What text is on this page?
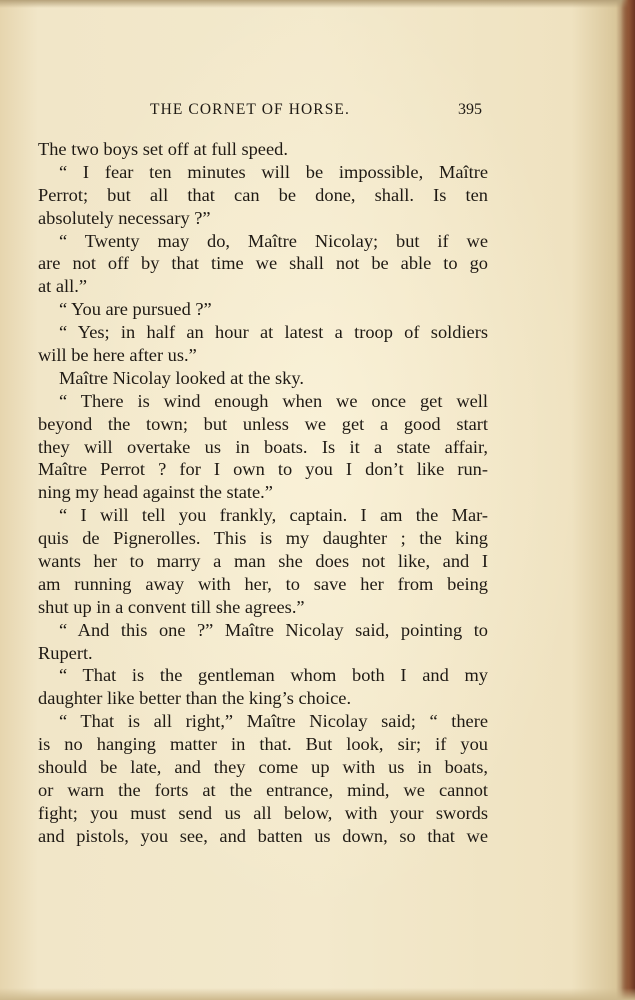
THE CORNET OF HORSE.	395
The two boys set off at full speed.
“ I fear ten minutes will be impossible, Maître
Perrot; but all that can be done, shall. Is ten
absolutely necessary ?”
“ Twenty may do, Maître Nicolay; but if we
are not off by that time we shall not be able to go
at all.”
“ You are pursued ?”
“ Yes; in half an hour at latest a troop of soldiers
will be here after us.”
Maître Nicolay looked at the sky.
“ There is wind enough when we once get well
beyond the town; but unless we get a good start
they will overtake us in boats. Is it a state affair,
Maître Perrot ? for I own to you I don’t like run-
ning my head against the state.”
“ I will tell you frankly, captain. I am the Mar-
quis de Pignerolles. This is my daughter ; the king
wants her to marry a man she does not like, and I
am running away with her, to save her from being
shut up in a convent till she agrees.”
“ And this one ?” Maître Nicolay said, pointing to
Rupert.
“ That is the gentleman whom both I and my
daughter like better than the king’s choice.
“ That is all right,” Maître Nicolay said; “ there
is no hanging matter in that. But look, sir; if you
should be late, and they come up with us in boats,
or warn the forts at the entrance, mind, we cannot
fight; you must send us all below, with your swords
and pistols, you see, and batten us down, so that we
